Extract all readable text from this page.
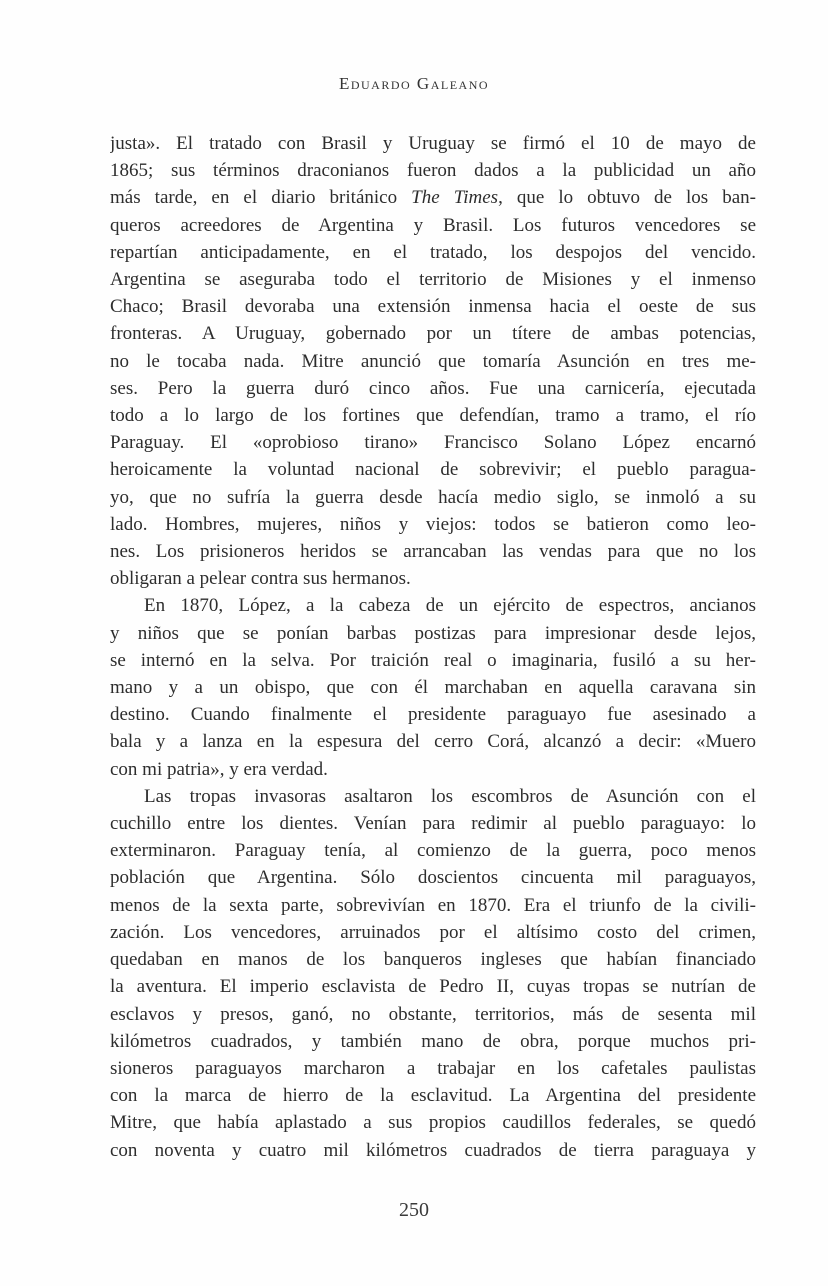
Eduardo Galeano
justa». El tratado con Brasil y Uruguay se firmó el 10 de mayo de
1865; sus términos draconianos fueron dados a la publicidad un año
más tarde, en el diario británico The Times, que lo obtuvo de los ban-
queros acreedores de Argentina y Brasil. Los futuros vencedores se
repartían anticipadamente, en el tratado, los despojos del vencido.
Argentina se aseguraba todo el territorio de Misiones y el inmenso
Chaco; Brasil devoraba una extensión inmensa hacia el oeste de sus
fronteras. A Uruguay, gobernado por un títere de ambas potencias,
no le tocaba nada. Mitre anunció que tomaría Asunción en tres me-
ses. Pero la guerra duró cinco años. Fue una carnicería, ejecutada
todo a lo largo de los fortines que defendían, tramo a tramo, el río
Paraguay. El «oprobioso tirano» Francisco Solano López encarnó
heroicamente la voluntad nacional de sobrevivir; el pueblo paragua-
yo, que no sufría la guerra desde hacía medio siglo, se inmoló a su
lado. Hombres, mujeres, niños y viejos: todos se batieron como leo-
nes. Los prisioneros heridos se arrancaban las vendas para que no los
obligaran a pelear contra sus hermanos.
En 1870, López, a la cabeza de un ejército de espectros, ancianos
y niños que se ponían barbas postizas para impresionar desde lejos,
se internó en la selva. Por traición real o imaginaria, fusiló a su her-
mano y a un obispo, que con él marchaban en aquella caravana sin
destino. Cuando finalmente el presidente paraguayo fue asesinado a
bala y a lanza en la espesura del cerro Corá, alcanzó a decir: «Muero
con mi patria», y era verdad.
Las tropas invasoras asaltaron los escombros de Asunción con el
cuchillo entre los dientes. Venían para redimir al pueblo paraguayo: lo
exterminaron. Paraguay tenía, al comienzo de la guerra, poco menos
población que Argentina. Sólo doscientos cincuenta mil paraguayos,
menos de la sexta parte, sobrevivían en 1870. Era el triunfo de la civili-
zación. Los vencedores, arruinados por el altísimo costo del crimen,
quedaban en manos de los banqueros ingleses que habían financiado
la aventura. El imperio esclavista de Pedro II, cuyas tropas se nutrían de
esclavos y presos, ganó, no obstante, territorios, más de sesenta mil
kilómetros cuadrados, y también mano de obra, porque muchos pri-
sioneros paraguayos marcharon a trabajar en los cafetales paulistas
con la marca de hierro de la esclavitud. La Argentina del presidente
Mitre, que había aplastado a sus propios caudillos federales, se quedó
con noventa y cuatro mil kilómetros cuadrados de tierra paraguaya y
250
